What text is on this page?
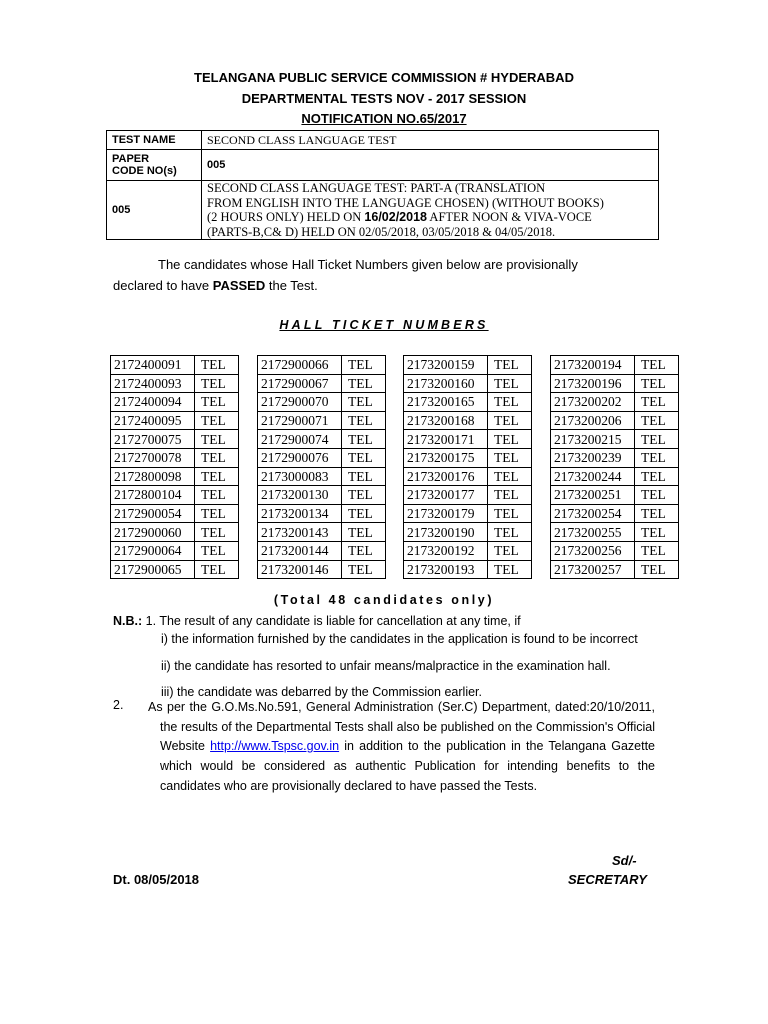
TELANGANA PUBLIC SERVICE COMMISSION # HYDERABAD
DEPARTMENTAL TESTS NOV - 2017 SESSION
NOTIFICATION NO.65/2017
TEST NAME	SECOND CLASS LANGUAGE TEST

PAPER
CODE NO(s)	005
005	SECOND CLASS LANGUAGE TEST: PART-A (TRANSLATION
FROM ENGLISH INTO THE LANGUAGE CHOSEN) (WITHOUT BOOKS)
(2 HOURS ONLY) HELD ON 16/02/2018 AFTER NOON & VIVA-VOCE
(PARTS-B,C& D) HELD ON 02/05/2018, 03/05/2018 & 04/05/2018.
The candidates whose Hall Ticket Numbers given below are provisionally
declared to have PASSED the Test.
HALL TICKET NUMBERS
2172400091	TEL
2172400093	TEL
2172400094	TEL
2172400095	TEL
2172700075	TEL
2172700078	TEL
2172800098	TEL
2172800104	TEL
2172900054	TEL
2172900060	TEL
2172900064	TEL
2172900065	TEL
2172900066	TEL
2172900067	TEL
2172900070	TEL
2172900071	TEL
2172900074	TEL
2172900076	TEL
2173000083	TEL
2173200130	TEL
2173200134	TEL
2173200143	TEL
2173200144	TEL
2173200146	TEL
2173200159	TEL
2173200160	TEL
2173200165	TEL
2173200168	TEL
2173200171	TEL
2173200175	TEL
2173200176	TEL
2173200177	TEL
2173200179	TEL
2173200190	TEL
2173200192	TEL
2173200193	TEL
2173200194	TEL
2173200196	TEL
2173200202	TEL
2173200206	TEL
2173200215	TEL
2173200239	TEL
2173200244	TEL
2173200251	TEL
2173200254	TEL
2173200255	TEL
2173200256	TEL
2173200257	TEL
(Total 48 candidates only)
N.B.: 1. The result of any candidate is liable for cancellation at any time, if
i) the information furnished by the candidates in the application is found to be incorrect
ii) the candidate has resorted to unfair means/malpractice in the examination hall.
iii) the candidate was debarred by the Commission earlier.
2. As per the G.O.Ms.No.591, General Administration (Ser.C) Department, dated:20/10/2011, the results of the Departmental Tests shall also be published on the Commission's Official Website http://www.Tspsc.gov.in in addition to the publication in the Telangana Gazette which would be considered as authentic Publication for intending benefits to the candidates who are provisionally declared to have passed the Tests.
Sd/-
Dt. 08/05/2018	SECRETARY
